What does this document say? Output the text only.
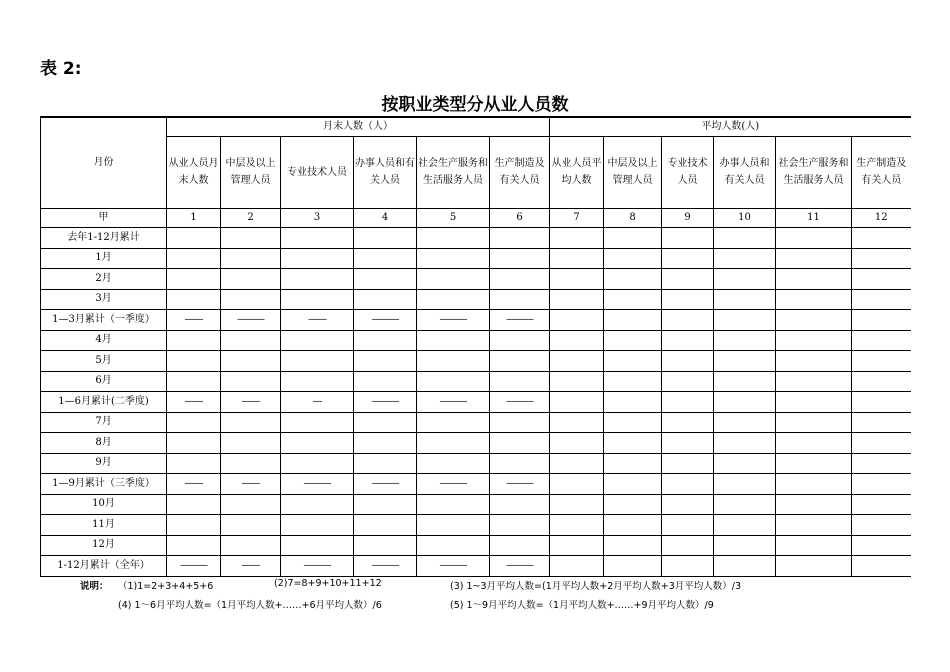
表 2:
按职业类型分从业人员数
月份	月末人数（人）						平均人数(人)					
	从业人员月末人数	中层及以上管理人员	专业技术人员	办事人员和有关人员	社会生产服务和生活服务人员	生产制造及有关人员	从业人员平均人数	中层及以上管理人员	专业技术人员	办事人员和有关人员	社会生产服务和生活服务人员	生产制造及有关人员
甲	1	2	3	4	5	6	7	8	9	10	11	12
去年1-12月累计												
1月												
2月												
3月												
1—3月累计（一季度）	——	———	——	———	———	———						
4月												
5月												
6月												
1—6月累计(二季度)	——	——	—	———	———	———						
7月												
8月												
9月												
1—9月累计（三季度）	——	——	———	———	———	———						
10月												
11月												
12月												
1-12月累计（全年）	———	——	———	———	———	———						
说明： （1)1=2+3+4+5+6	(2)7=8+9+10+11+12	(3) 1~3月平均人数=(1月平均人数+2月平均人数+3月平均人数）/3
(4) 1～6月平均人数=（1月平均人数+……+6月平均人数）/6	(5) 1～9月平均人数=（1月平均人数+……+9月平均人数）/9
